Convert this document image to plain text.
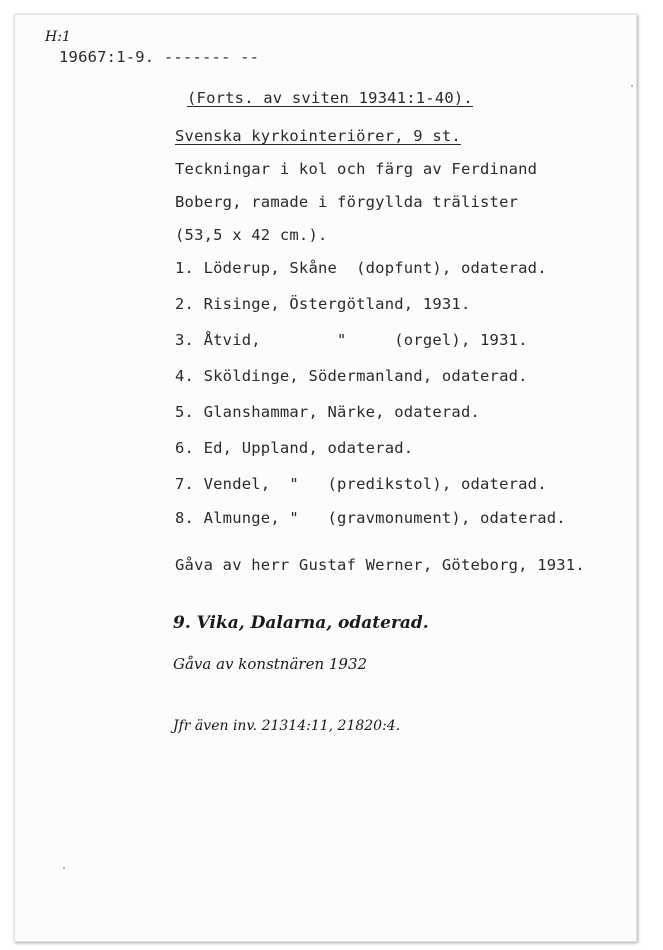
H:1
19667:1-9. ------- --
(Forts. av sviten 19341:1-40).
Svenska kyrkointeriörer, 9 st.
Teckningar i kol och färg av Ferdinand
Boberg, ramade i förgyllda trälister
(53,5 x 42 cm.).
1. Löderup, Skåne  (dopfunt), odaterad.
2. Risinge, Östergötland, 1931.
3. Åtvid,        "     (orgel), 1931.
4. Sköldinge, Södermanland, odaterad.
5. Glanshammar, Närke, odaterad.
6. Ed, Uppland, odaterad.
7. Vendel,  "   (predikstol), odaterad.
8. Almunge, "   (gravmonument), odaterad.
Gåva av herr Gustaf Werner, Göteborg, 1931.
9. Vika, Dalarna, odaterad.
Gåva av konstnären 1932
Jfr även inv. 21314:11, 21820:4.
